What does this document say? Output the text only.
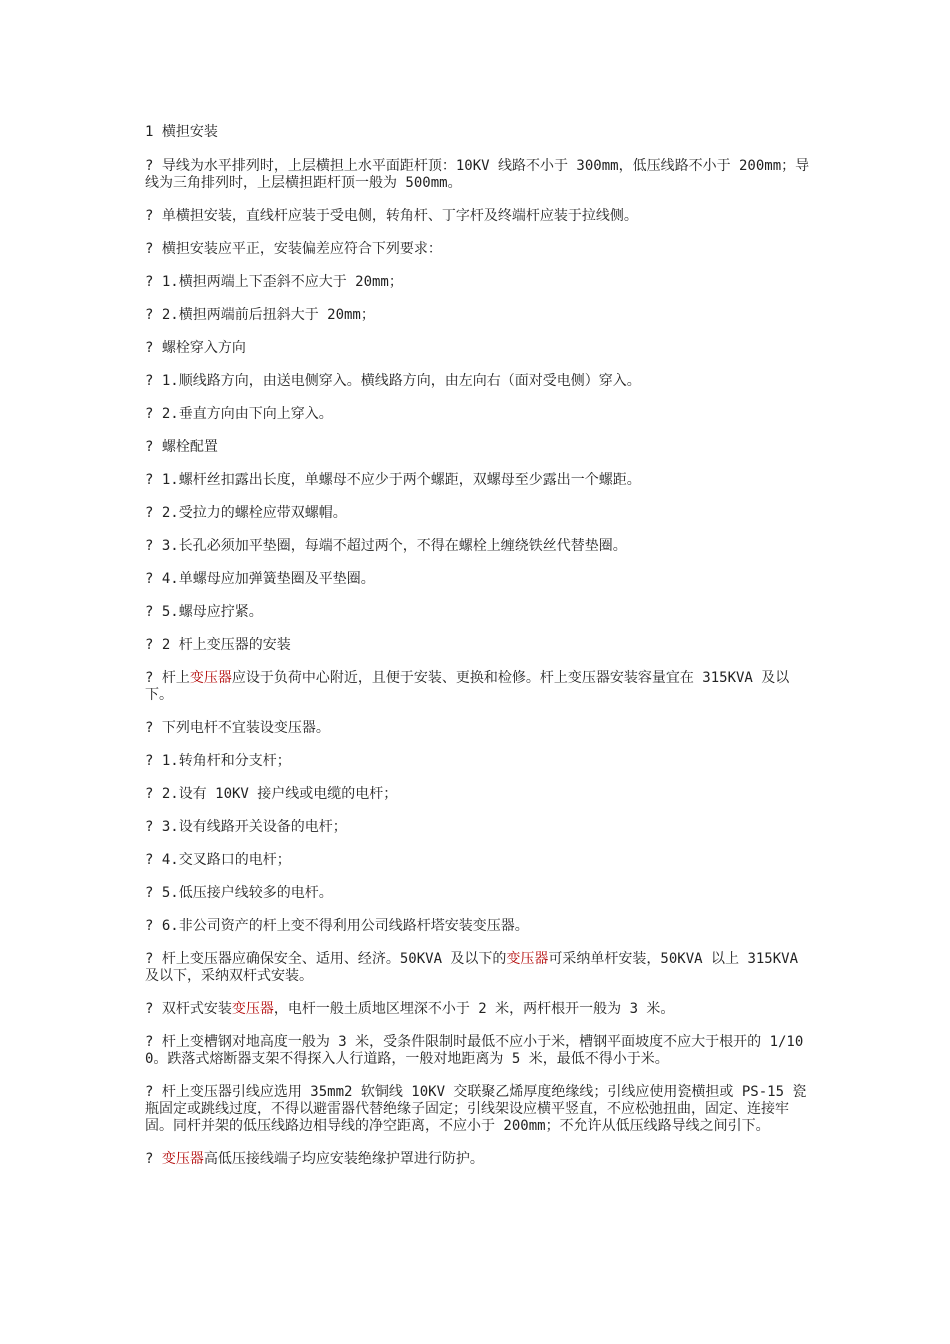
1 横担安装

? 导线为水平排列时，上层横担上水平面距杆顶：10KV 线路不小于 300mm，低压线路不小于 200mm；导线为三角排列时，上层横担距杆顶一般为 500mm。

? 单横担安装，直线杆应装于受电侧，转角杆、丁字杆及终端杆应装于拉线侧。

? 横担安装应平正，安装偏差应符合下列要求：

? 1.横担两端上下歪斜不应大于 20mm；

? 2.横担两端前后扭斜大于 20mm；

? 螺栓穿入方向

? 1.顺线路方向，由送电侧穿入。横线路方向，由左向右（面对受电侧）穿入。

? 2.垂直方向由下向上穿入。

? 螺栓配置

? 1.螺杆丝扣露出长度，单螺母不应少于两个螺距，双螺母至少露出一个螺距。

? 2.受拉力的螺栓应带双螺帽。

? 3.长孔必须加平垫圈，每端不超过两个，不得在螺栓上缠绕铁丝代替垫圈。

? 4.单螺母应加弹簧垫圈及平垫圈。

? 5.螺母应拧紧。

? 2 杆上变压器的安装

? 杆上变压器应设于负荷中心附近，且便于安装、更换和检修。杆上变压器安装容量宜在 315KVA 及以下。

? 下列电杆不宜装设变压器。

? 1.转角杆和分支杆；

? 2.设有 10KV 接户线或电缆的电杆；

? 3.设有线路开关设备的电杆；

? 4.交叉路口的电杆；

? 5.低压接户线较多的电杆。

? 6.非公司资产的杆上变不得利用公司线路杆塔安装变压器。

? 杆上变压器应确保安全、适用、经济。50KVA 及以下的变压器可采纳单杆安装，50KVA 以上 315KVA 及以下，采纳双杆式安装。

? 双杆式安装变压器，电杆一般土质地区埋深不小于 2 米，两杆根开一般为 3 米。

? 杆上变槽钢对地高度一般为 3 米，受条件限制时最低不应小于米，槽钢平面坡度不应大于根开的 1/100。跌落式熔断器支架不得探入人行道路，一般对地距离为 5 米，最低不得小于米。

? 杆上变压器引线应选用 35mm2 软铜线 10KV 交联聚乙烯厚度绝缘线；引线应使用瓷横担或 PS-15 瓷瓶固定或跳线过度，不得以避雷器代替绝缘子固定；引线架设应横平竖直，不应松弛扭曲，固定、连接牢固。同杆并架的低压线路边相导线的净空距离，不应小于 200mm；不允许从低压线路导线之间引下。

? 变压器高低压接线端子均应安装绝缘护罩进行防护。
